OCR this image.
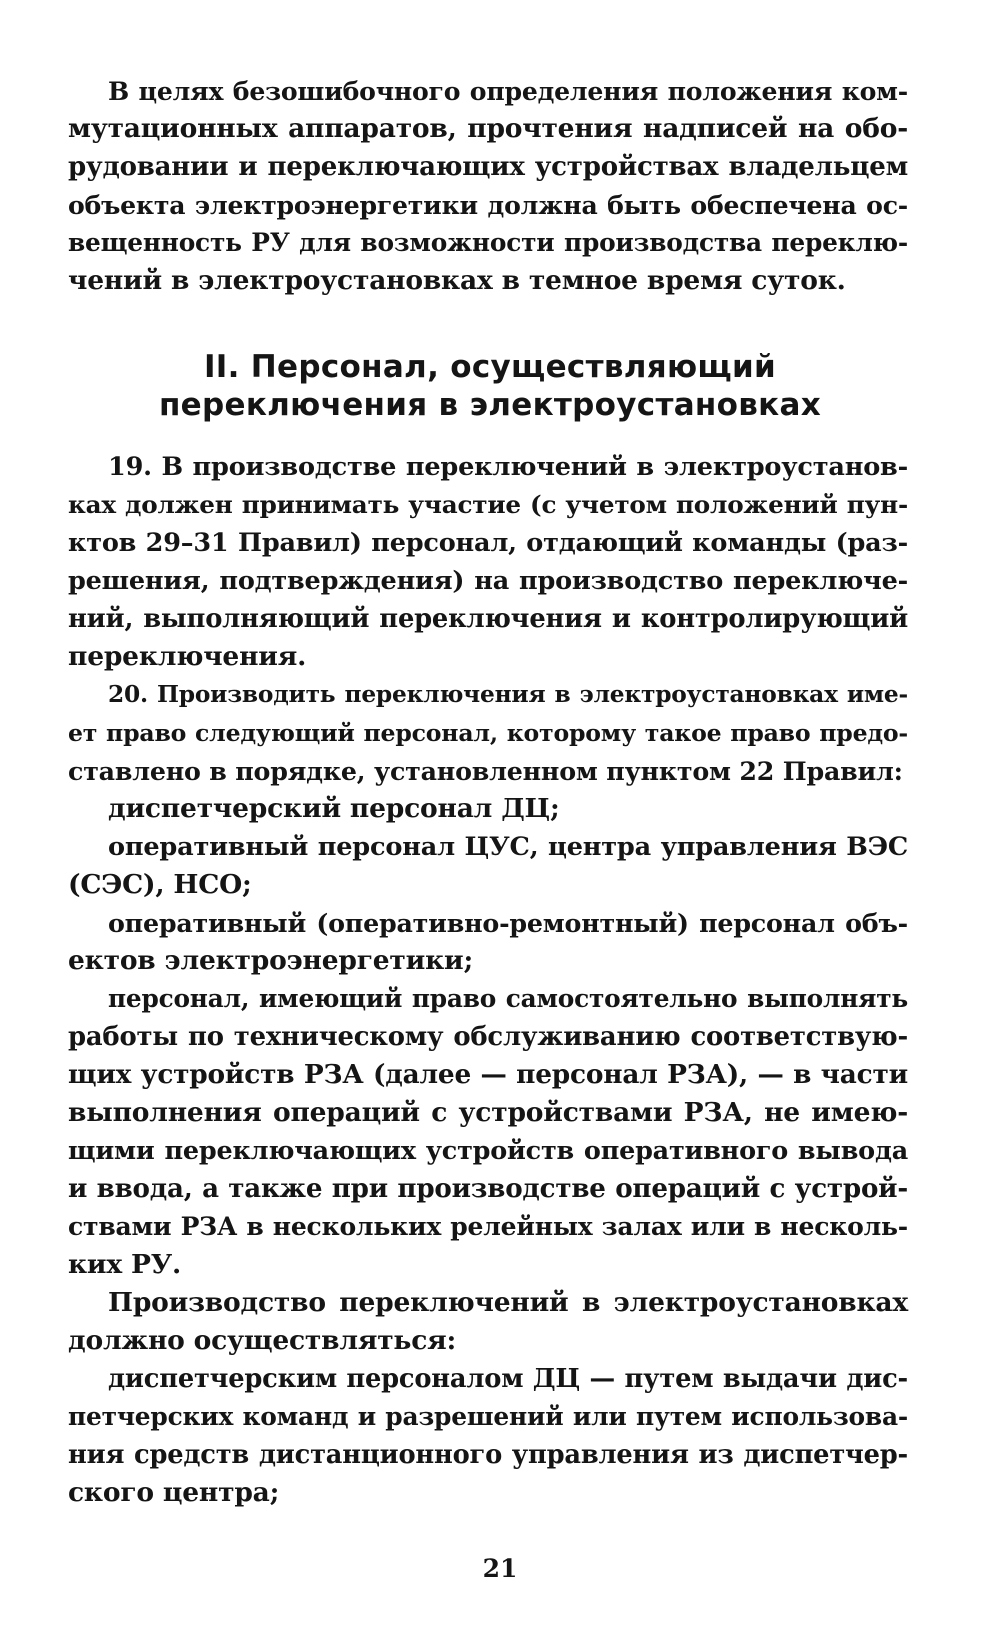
В целях безошибочного определения положения ком-
мутационных аппаратов, прочтения надписей на обо-
рудовании и переключающих устройствах владельцем
объекта электроэнергетики должна быть обеспечена ос-
вещенность РУ для возможности производства переклю-
чений в электроустановках в темное время суток.
II. Персонал, осуществляющий
переключения в электроустановках
19. В производстве переключений в электроустанов-
ках должен принимать участие (с учетом положений пун-
ктов 29–31 Правил) персонал, отдающий команды (раз-
решения, подтверждения) на производство переключе-
ний, выполняющий переключения и контролирующий
переключения.
20. Производить переключения в электроустановках име-
ет право следующий персонал, которому такое право предо-
ставлено в порядке, установленном пунктом 22 Правил:
диспетчерский персонал ДЦ;
оперативный персонал ЦУС, центра управления ВЭС
(СЭС), НСО;
оперативный (оперативно-ремонтный) персонал объ-
ектов электроэнергетики;
персонал, имеющий право самостоятельно выполнять
работы по техническому обслуживанию соответствую-
щих устройств РЗА (далее — персонал РЗА), — в части
выполнения операций с устройствами РЗА, не имею-
щими переключающих устройств оперативного вывода
и ввода, а также при производстве операций с устрой-
ствами РЗА в нескольких релейных залах или в несколь-
ких РУ.
Производство переключений в электроустановках
должно осуществляться:
диспетчерским персоналом ДЦ — путем выдачи дис-
петчерских команд и разрешений или путем использова-
ния средств дистанционного управления из диспетчер-
ского центра;
21
